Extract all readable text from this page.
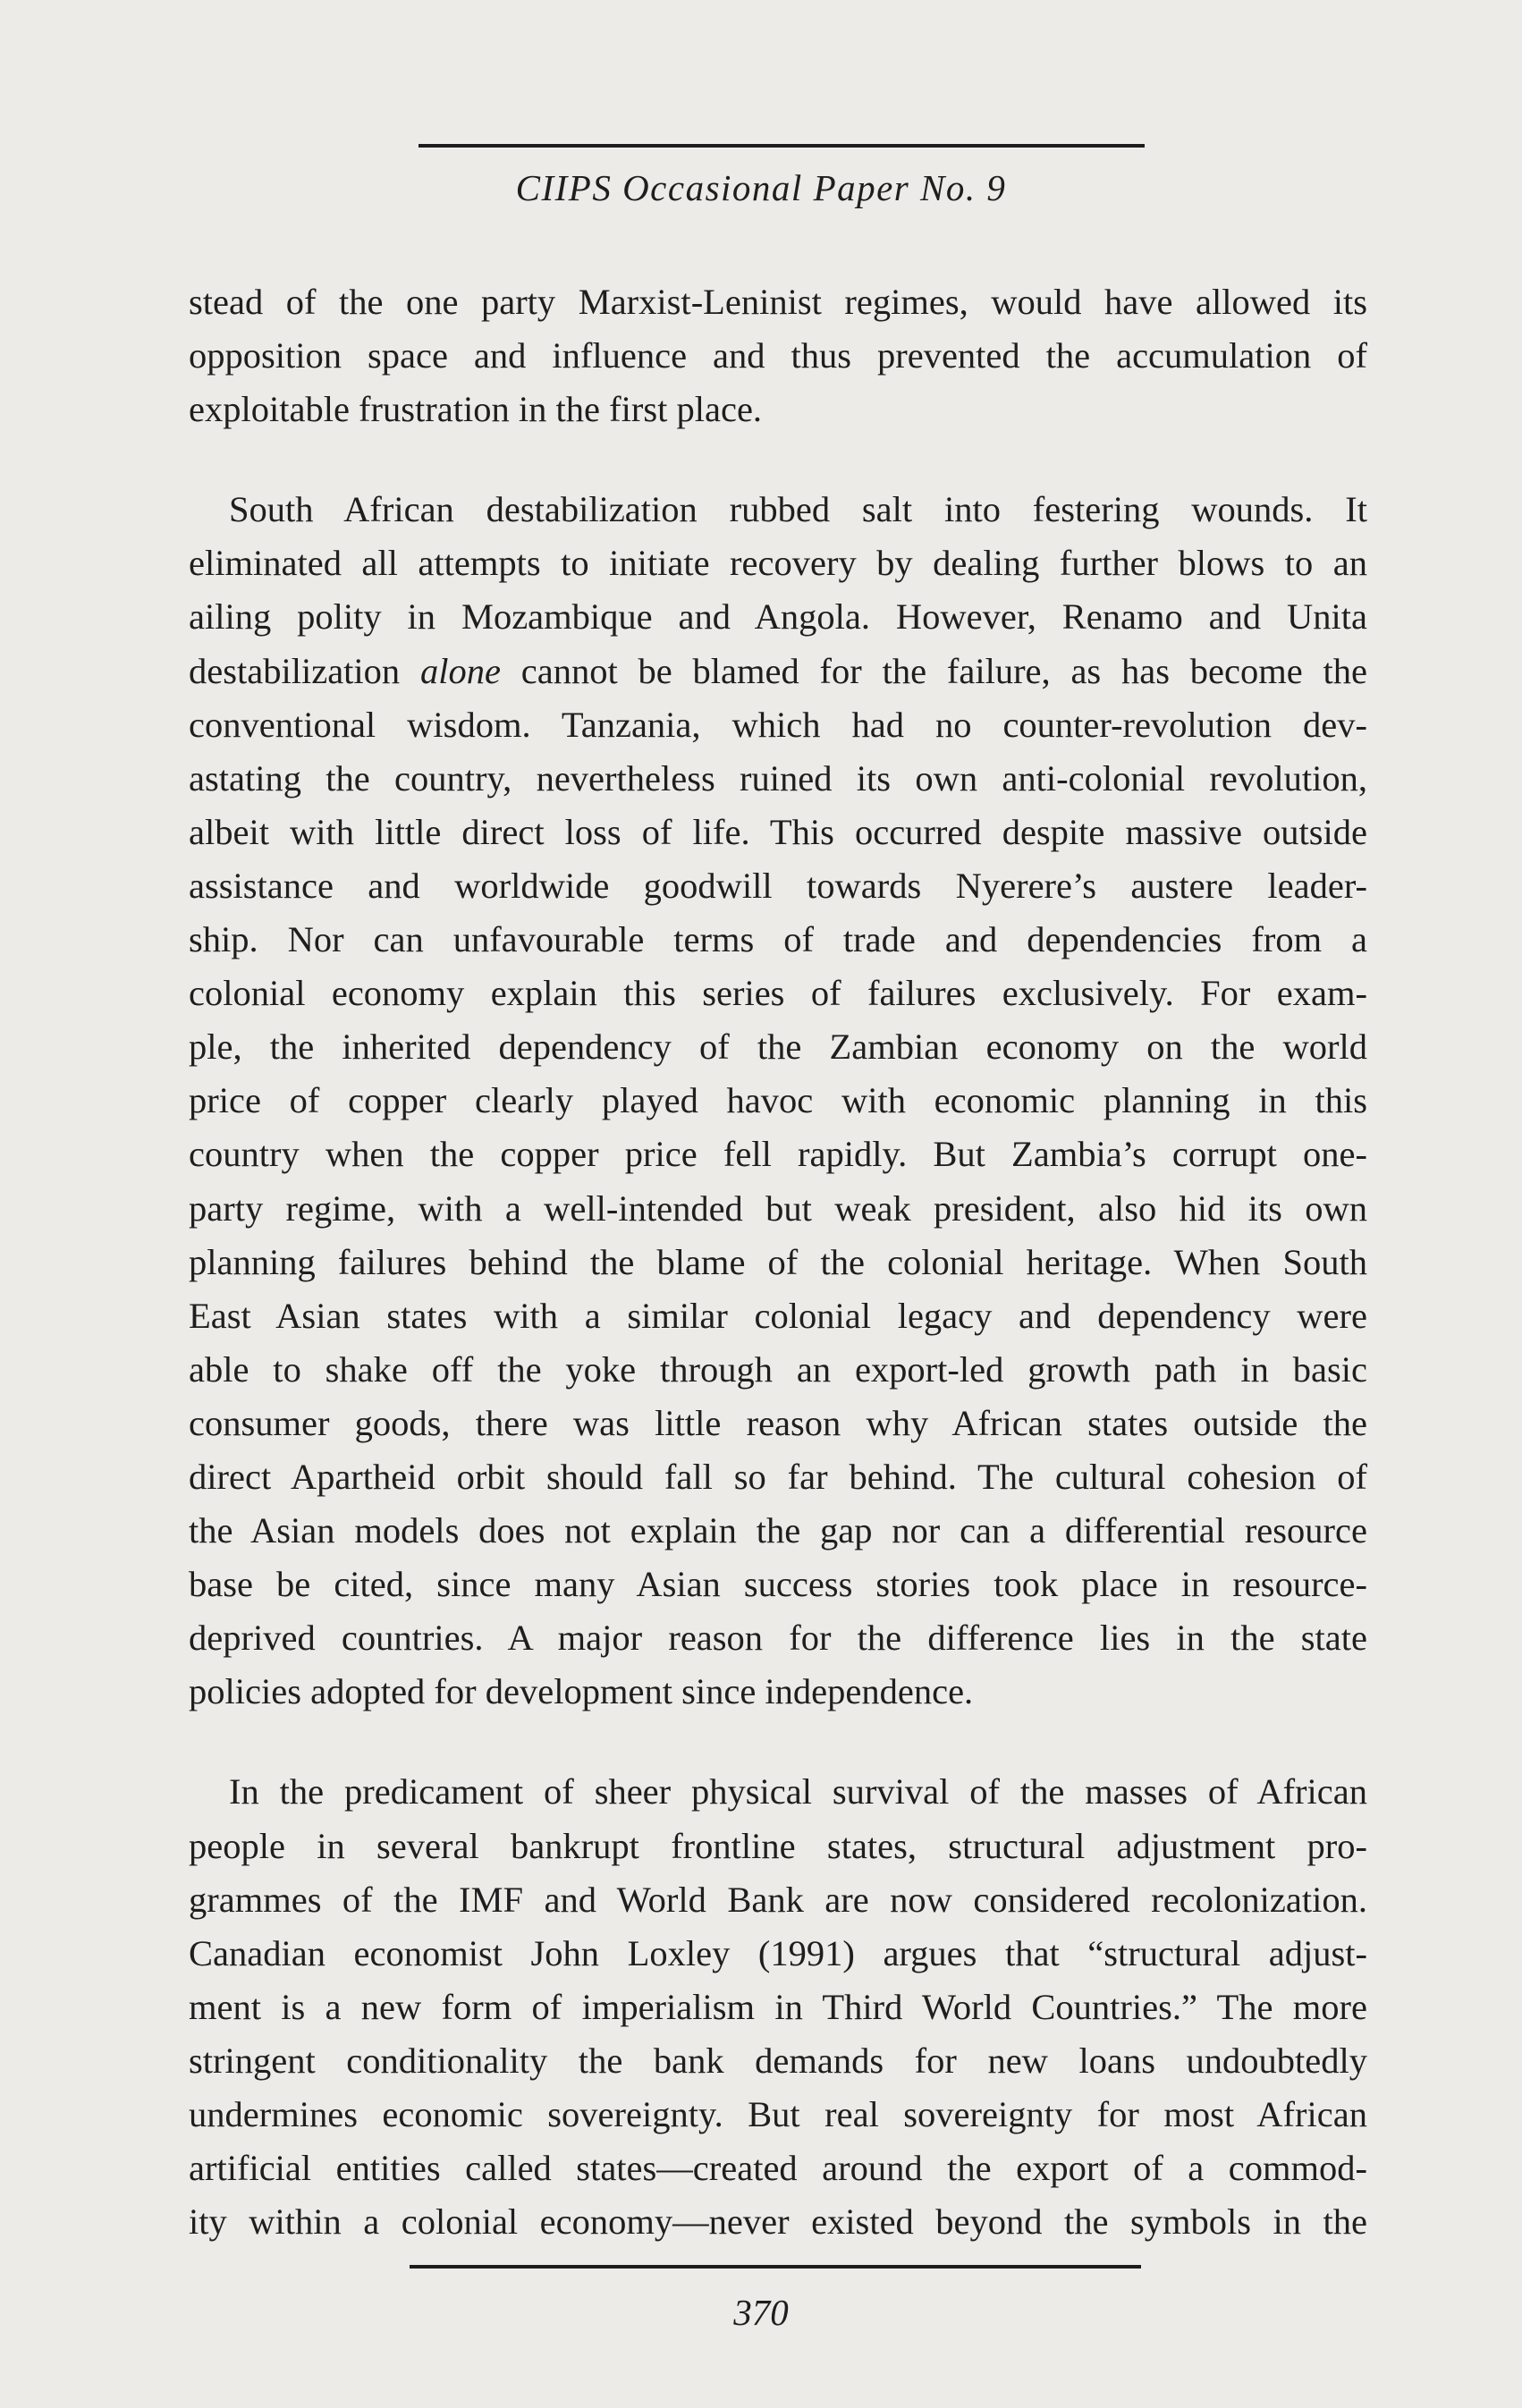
CIIPS Occasional Paper No. 9
stead of the one party Marxist-Leninist regimes, would have allowed its
opposition space and influence and thus prevented the accumulation of
exploitable frustration in the first place.
South African destabilization rubbed salt into festering wounds. It
eliminated all attempts to initiate recovery by dealing further blows to an
ailing polity in Mozambique and Angola. However, Renamo and Unita
destabilization alone cannot be blamed for the failure, as has become the
conventional wisdom. Tanzania, which had no counter-revolution dev-
astating the country, nevertheless ruined its own anti-colonial revolution,
albeit with little direct loss of life. This occurred despite massive outside
assistance and worldwide goodwill towards Nyerere’s austere leader-
ship. Nor can unfavourable terms of trade and dependencies from a
colonial economy explain this series of failures exclusively. For exam-
ple, the inherited dependency of the Zambian economy on the world
price of copper clearly played havoc with economic planning in this
country when the copper price fell rapidly. But Zambia’s corrupt one-
party regime, with a well-intended but weak president, also hid its own
planning failures behind the blame of the colonial heritage. When South
East Asian states with a similar colonial legacy and dependency were
able to shake off the yoke through an export-led growth path in basic
consumer goods, there was little reason why African states outside the
direct Apartheid orbit should fall so far behind. The cultural cohesion of
the Asian models does not explain the gap nor can a differential resource
base be cited, since many Asian success stories took place in resource-
deprived countries. A major reason for the difference lies in the state
policies adopted for development since independence.
In the predicament of sheer physical survival of the masses of African
people in several bankrupt frontline states, structural adjustment pro-
grammes of the IMF and World Bank are now considered recolonization.
Canadian economist John Loxley (1991) argues that “structural adjust-
ment is a new form of imperialism in Third World Countries.” The more
stringent conditionality the bank demands for new loans undoubtedly
undermines economic sovereignty. But real sovereignty for most African
artificial entities called states—created around the export of a commod-
ity within a colonial economy—never existed beyond the symbols in the
370
